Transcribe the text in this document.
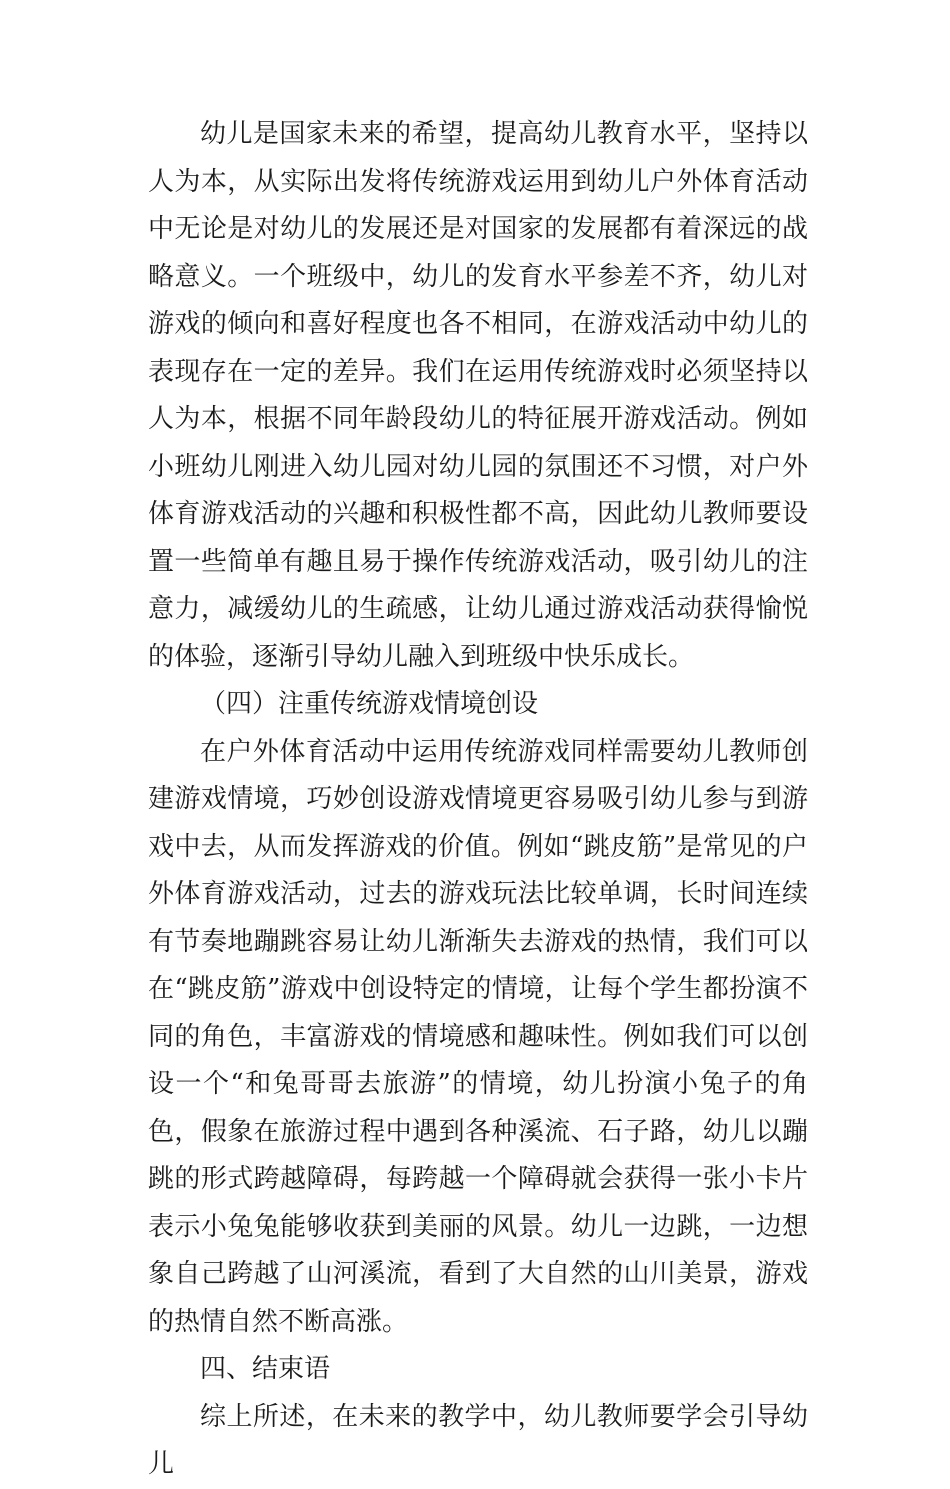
幼儿是国家未来的希望，提高幼儿教育水平，坚持以人为本，从实际出发将传统游戏运用到幼儿户外体育活动中无论是对幼儿的发展还是对国家的发展都有着深远的战略意义。一个班级中，幼儿的发育水平参差不齐，幼儿对游戏的倾向和喜好程度也各不相同，在游戏活动中幼儿的表现存在一定的差异。我们在运用传统游戏时必须坚持以人为本，根据不同年龄段幼儿的特征展开游戏活动。例如小班幼儿刚进入幼儿园对幼儿园的氛围还不习惯，对户外体育游戏活动的兴趣和积极性都不高，因此幼儿教师要设置一些简单有趣且易于操作传统游戏活动，吸引幼儿的注意力，减缓幼儿的生疏感，让幼儿通过游戏活动获得愉悦的体验，逐渐引导幼儿融入到班级中快乐成长。

（四）注重传统游戏情境创设

在户外体育活动中运用传统游戏同样需要幼儿教师创建游戏情境，巧妙创设游戏情境更容易吸引幼儿参与到游戏中去，从而发挥游戏的价值。例如“跳皮筋”是常见的户外体育游戏活动，过去的游戏玩法比较单调，长时间连续有节奏地蹦跳容易让幼儿渐渐失去游戏的热情，我们可以在“跳皮筋”游戏中创设特定的情境，让每个学生都扮演不同的角色，丰富游戏的情境感和趣味性。例如我们可以创设一个“和兔哥哥去旅游”的情境，幼儿扮演小兔子的角色，假象在旅游过程中遇到各种溪流、石子路，幼儿以蹦跳的形式跨越障碍，每跨越一个障碍就会获得一张小卡片表示小兔兔能够收获到美丽的风景。幼儿一边跳，一边想象自己跨越了山河溪流，看到了大自然的山川美景，游戏的热情自然不断高涨。

四、结束语

综上所述，在未来的教学中，幼儿教师要学会引导幼儿
